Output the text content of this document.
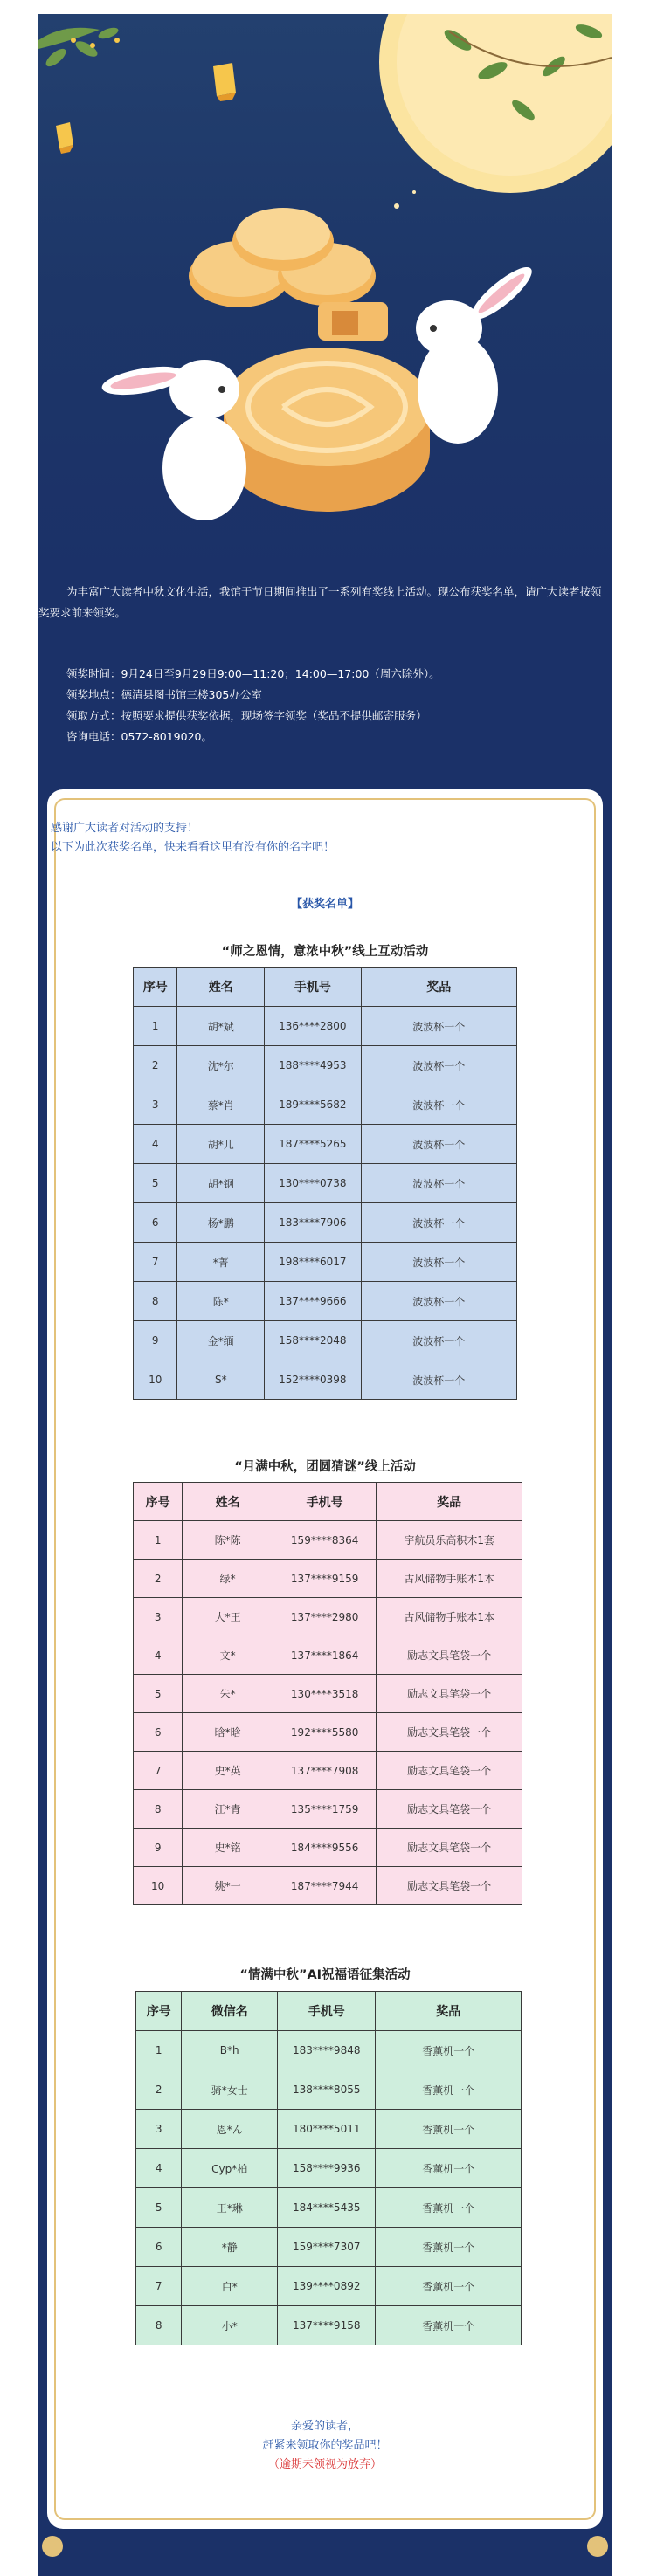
为丰富广大读者中秋文化生活，我馆于节日期间推出了一系列有奖线上活动。现公布获奖名单，请广大读者按领奖要求前来领奖。

领奖时间：9月24日至9月29日9:00—11:20；14:00—17:00（周六除外）。
领奖地点：德清县图书馆三楼305办公室
领取方式：按照要求提供获奖依据，现场签字领奖（奖品不提供邮寄服务）
咨询电话：0572-8019020。
感谢广大读者对活动的支持！
以下为此次获奖名单，快来看看这里有没有你的名字吧！
【获奖名单】
“师之恩情，意浓中秋”线上互动活动
序号	姓名	手机号	奖品
1	胡*斌	136****2800	波波杯一个
2	沈*尔	188****4953	波波杯一个
3	蔡*肖	189****5682	波波杯一个
4	胡*儿	187****5265	波波杯一个
5	胡*钢	130****0738	波波杯一个
6	杨*鹏	183****7906	波波杯一个
7	*菁	198****6017	波波杯一个
8	陈*	137****9666	波波杯一个
9	金*缅	158****2048	波波杯一个
10	S*	152****0398	波波杯一个
“月满中秋，团圆猜谜”线上活动
序号	姓名	手机号	奖品
1	陈*陈	159****8364	宇航员乐高积木1套
2	绿*	137****9159	古风储物手账本1本
3	大*王	137****2980	古风储物手账本1本
4	文*	137****1864	励志文具笔袋一个
5	朱*	130****3518	励志文具笔袋一个
6	晗*晗	192****5580	励志文具笔袋一个
7	史*英	137****7908	励志文具笔袋一个
8	江*青	135****1759	励志文具笔袋一个
9	史*铭	184****9556	励志文具笔袋一个
10	姚*一	187****7944	励志文具笔袋一个
“情满中秋”AI祝福语征集活动
序号	微信名	手机号	奖品
1	B*h	183****9848	香薰机一个
2	骑*女士	138****8055	香薰机一个
3	恩*ん	180****5011	香薰机一个
4	Cyp*柏	158****9936	香薰机一个
5	王*琳	184****5435	香薰机一个
6	*静	159****7307	香薰机一个
7	白*	139****0892	香薰机一个
8	小*	137****9158	香薰机一个
亲爱的读者，
赶紧来领取你的奖品吧！
（逾期未领视为放弃）
